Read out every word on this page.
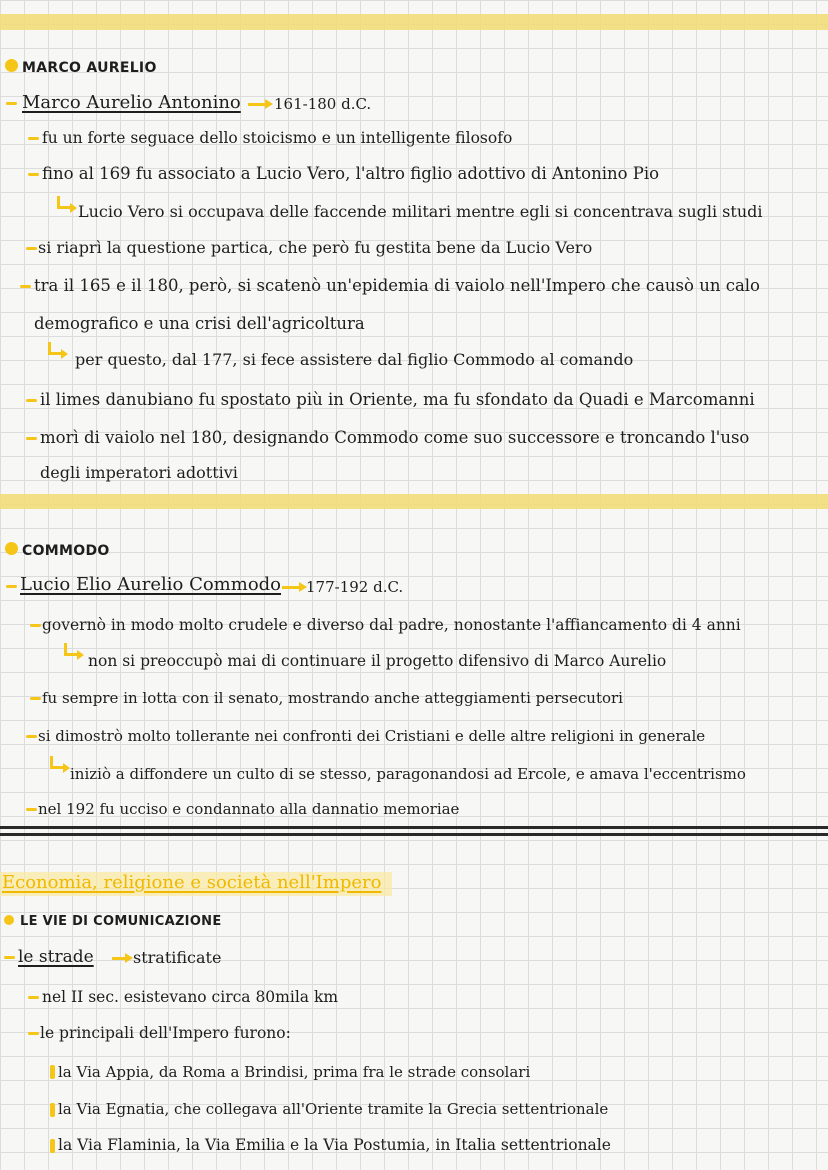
MARCO AURELIO
Marco Aurelio Antonino 161-180 d.C.
fu un forte seguace dello stoicismo e un intelligente filosofo
fino al 169 fu associato a Lucio Vero, l'altro figlio adottivo di Antonino Pio
Lucio Vero si occupava delle faccende militari mentre egli si concentrava sugli studi
si riaprì la questione partica, che però fu gestita bene da Lucio Vero
tra il 165 e il 180, però, si scatenò un'epidemia di vaiolo nell'Impero che causò un calo
demografico e una crisi dell'agricoltura
per questo, dal 177, si fece assistere dal figlio Commodo al comando
il limes danubiano fu spostato più in Oriente, ma fu sfondato da Quadi e Marcomanni
morì di vaiolo nel 180, designando Commodo come suo successore e troncando l'uso
degli imperatori adottivi
COMMODO
Lucio Elio Aurelio Commodo 177-192 d.C.
governò in modo molto crudele e diverso dal padre, nonostante l'affiancamento di 4 anni
non si preoccupò mai di continuare il progetto difensivo di Marco Aurelio
fu sempre in lotta con il senato, mostrando anche atteggiamenti persecutori
si dimostrò molto tollerante nei confronti dei Cristiani e delle altre religioni in generale
iniziò a diffondere un culto di se stesso, paragonandosi ad Ercole, e amava l'eccentrismo
nel 192 fu ucciso e condannato alla dannatio memoriae
Economia, religione e società nell'Impero
LE VIE DI COMUNICAZIONE
le strade stratificate
nel II sec. esistevano circa 80mila km
le principali dell'Impero furono:
la Via Appia, da Roma a Brindisi, prima fra le strade consolari
la Via Egnatia, che collegava all'Oriente tramite la Grecia settentrionale
la Via Flaminia, la Via Emilia e la Via Postumia, in Italia settentrionale
